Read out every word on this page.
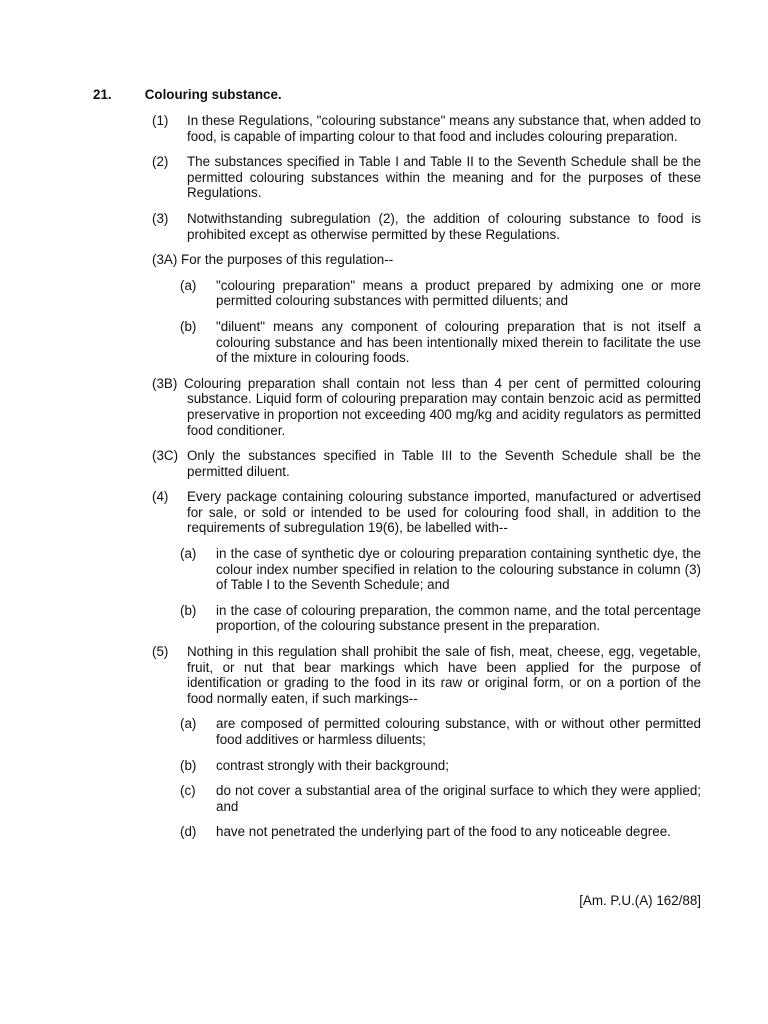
21. Colouring substance.
(1) In these Regulations, "colouring substance" means any substance that, when added to food, is capable of imparting colour to that food and includes colouring preparation.
(2) The substances specified in Table I and Table II to the Seventh Schedule shall be the permitted colouring substances within the meaning and for the purposes of these Regulations.
(3) Notwithstanding subregulation (2), the addition of colouring substance to food is prohibited except as otherwise permitted by these Regulations.
(3A) For the purposes of this regulation--
(a) "colouring preparation" means a product prepared by admixing one or more permitted colouring substances with permitted diluents; and
(b) "diluent" means any component of colouring preparation that is not itself a colouring substance and has been intentionally mixed therein to facilitate the use of the mixture in colouring foods.
(3B) Colouring preparation shall contain not less than 4 per cent of permitted colouring substance. Liquid form of colouring preparation may contain benzoic acid as permitted preservative in proportion not exceeding 400 mg/kg and acidity regulators as permitted food conditioner.
(3C) Only the substances specified in Table III to the Seventh Schedule shall be the permitted diluent.
(4) Every package containing colouring substance imported, manufactured or advertised for sale, or sold or intended to be used for colouring food shall, in addition to the requirements of subregulation 19(6), be labelled with--
(a) in the case of synthetic dye or colouring preparation containing synthetic dye, the colour index number specified in relation to the colouring substance in column (3) of Table I to the Seventh Schedule; and
(b) in the case of colouring preparation, the common name, and the total percentage proportion, of the colouring substance present in the preparation.
(5) Nothing in this regulation shall prohibit the sale of fish, meat, cheese, egg, vegetable, fruit, or nut that bear markings which have been applied for the purpose of identification or grading to the food in its raw or original form, or on a portion of the food normally eaten, if such markings--
(a) are composed of permitted colouring substance, with or without other permitted food additives or harmless diluents;
(b) contrast strongly with their background;
(c) do not cover a substantial area of the original surface to which they were applied; and
(d) have not penetrated the underlying part of the food to any noticeable degree.
[Am. P.U.(A) 162/88]
